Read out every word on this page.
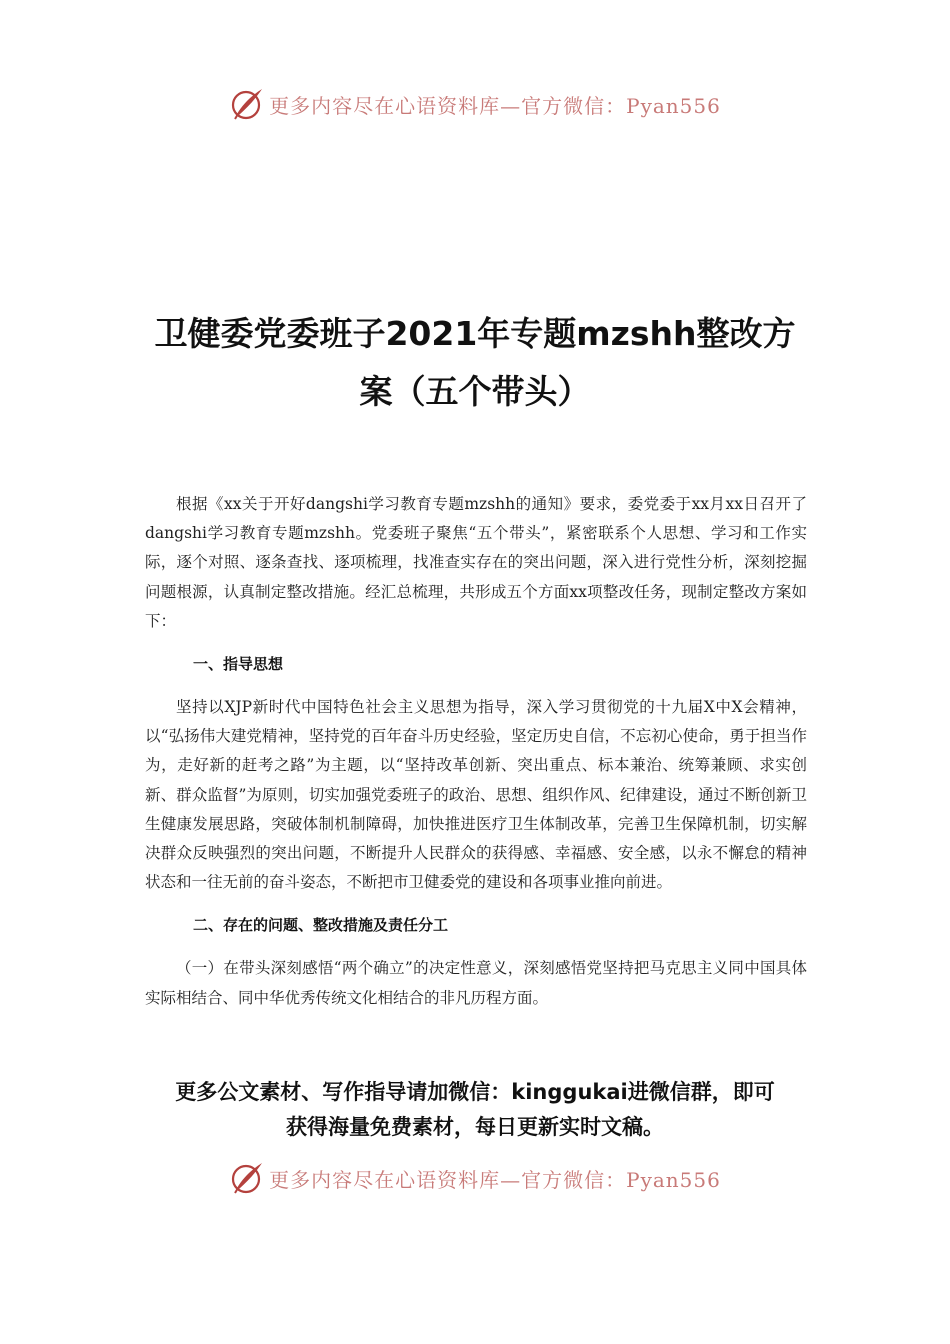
更多内容尽在心语资料库—官方微信：Pyan556
卫健委党委班子2021年专题mzshh整改方
案（五个带头）

根据《xx关于开好dangshi学习教育专题mzshh的通知》要求，委党委于xx月xx日召开了dangshi学习教育专题mzshh。党委班子聚焦“五个带头”，紧密联系个人思想、学习和工作实际，逐个对照、逐条查找、逐项梳理，找准查实存在的突出问题，深入进行党性分析，深刻挖掘问题根源，认真制定整改措施。经汇总梳理，共形成五个方面xx项整改任务，现制定整改方案如下：

一、指导思想

坚持以XJP新时代中国特色社会主义思想为指导，深入学习贯彻党的十九届X中X会精神，以“弘扬伟大建党精神，坚持党的百年奋斗历史经验，坚定历史自信，不忘初心使命，勇于担当作为，走好新的赶考之路”为主题，以“坚持改革创新、突出重点、标本兼治、统筹兼顾、求实创新、群众监督”为原则，切实加强党委班子的政治、思想、组织作风、纪律建设，通过不断创新卫生健康发展思路，突破体制机制障碍，加快推进医疗卫生体制改革，完善卫生保障机制，切实解决群众反映强烈的突出问题，不断提升人民群众的获得感、幸福感、安全感，以永不懈怠的精神状态和一往无前的奋斗姿态，不断把市卫健委党的建设和各项事业推向前进。

二、存在的问题、整改措施及责任分工

（一）在带头深刻感悟“两个确立”的决定性意义，深刻感悟党坚持把马克思主义同中国具体实际相结合、同中华优秀传统文化相结合的非凡历程方面。

更多公文素材、写作指导请加微信：kinggukai进微信群，即可
获得海量免费素材，每日更新实时文稿。
更多内容尽在心语资料库—官方微信：Pyan556
